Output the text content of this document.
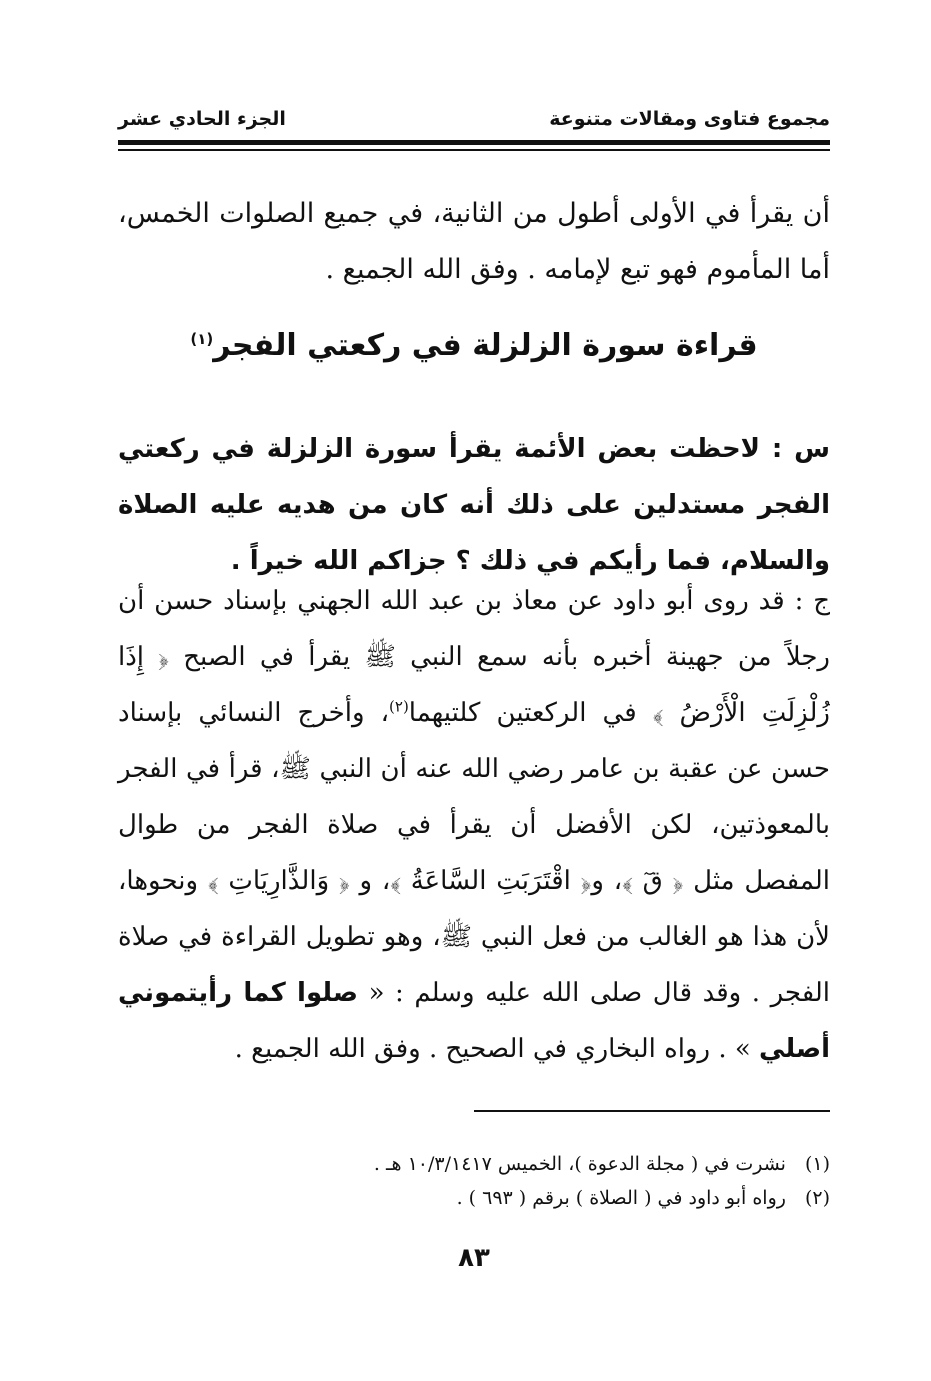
مجموع فتاوى ومقالات متنوعة
الجزء الحادي عشر

أن يقرأ في الأولى أطول من الثانية، في جميع الصلوات الخمس، أما المأموم فهو تبع لإمامه . وفق الله الجميع .

قراءة سورة الزلزلة في ركعتي الفجر$^{(١)}$

س : لاحظت بعض الأئمة يقرأ سورة الزلزلة في ركعتي الفجر مستدلين على ذلك أنه كان من هديه عليه الصلاة والسلام، فما رأيكم في ذلك ؟ جزاكم الله خيراً .

ج : قد روى أبو داود عن معاذ بن عبد الله الجهني بإسناد حسن أن رجلاً من جهينة أخبره بأنه سمع النبي ﷺ يقرأ في الصبح ﴿ إِذَا زُلْزِلَتِ الْأَرْضُ ﴾ في الركعتين كلتيهما$^{(٢)}$، وأخرج النسائي بإسناد حسن عن عقبة بن عامر رضي الله عنه أن النبي ﷺ، قرأ في الفجر بالمعوذتين، لكن الأفضل أن يقرأ في صلاة الفجر من طوال المفصل مثل ﴿ قٓ ﴾، و﴿ اقْتَرَبَتِ السَّاعَةُ ﴾، و ﴿ وَالذَّارِيَاتِ ﴾ ونحوها، لأن هذا هو الغالب من فعل النبي ﷺ، وهو تطويل القراءة في صلاة الفجر . وقد قال صلى الله عليه وسلم : « صلوا كما رأيتموني أصلي » . رواه البخاري في الصحيح . وفق الله الجميع .

(١) نشرت في ( مجلة الدعوة )، الخميس ١٠/٣/١٤١٧ هـ .
(٢) رواه أبو داود في ( الصلاة ) برقم ( ٦٩٣ ) .
٨٣
